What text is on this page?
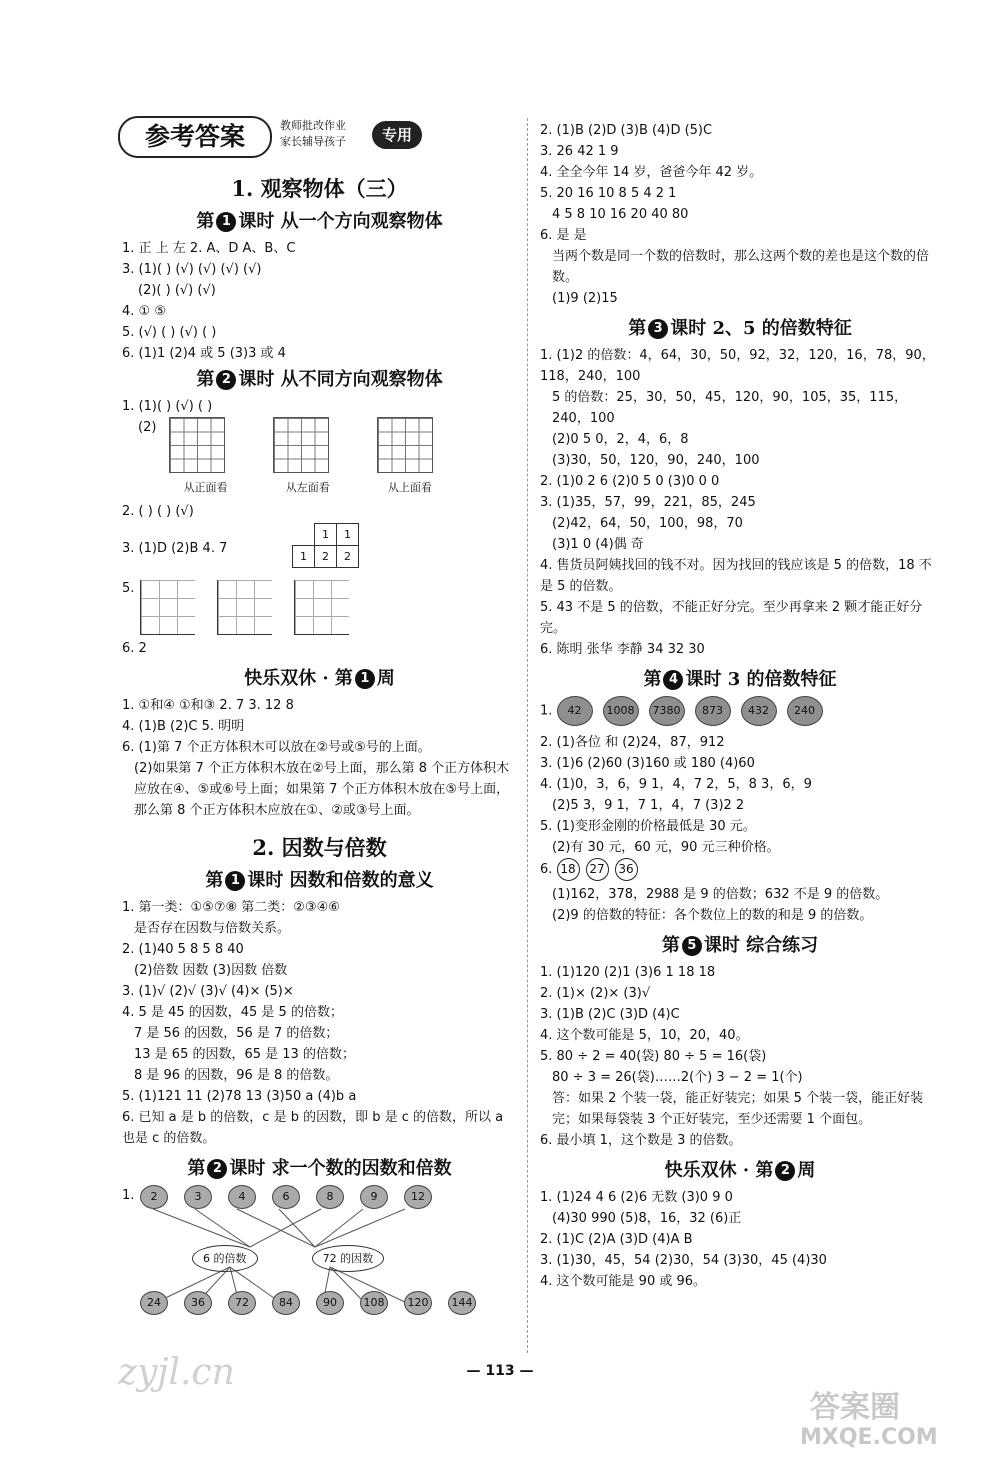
参考答案	教师批改作业
家长辅导孩子	专用
1. 观察物体（三）
第 1 课时 从一个方向观察物体
1. 正 上 左 2. A、D A、B、C
3. (1)( ) (√) (√) (√) (√)
(2)( ) (√) (√)
4. ① ⑤
5. (√) ( ) (√) ( )
6. (1)1 (2)4 或 5 (3)3 或 4
第 2 课时 从不同方向观察物体
1. (1)( ) (√) ( )
(2)
从正面看	从左面看	从上面看
2. ( ) ( ) (√)
3. (1)D (2)B 4. 7
1 1
1 2 2
5.
6. 2
快乐双休 · 第 1 周
1. ①和④ ①和③ 2. 7 3. 12 8
4. (1)B (2)C 5. 明明
6. (1)第 7 个正方体积木可以放在②号或⑤号的上面。
(2)如果第 7 个正方体积木放在②号上面，那么第 8 个正方体积木应放在④、⑤或⑥号上面；如果第 7 个正方体积木放在⑤号上面，那么第 8 个正方体积木应放在①、②或③号上面。
2. 因数与倍数
第 1 课时 因数和倍数的意义
1. 第一类：①⑤⑦⑧ 第二类：②③④⑥
是否存在因数与倍数关系。
2. (1)40 5 8 5 8 40
(2)倍数 因数 (3)因数 倍数
3. (1)√ (2)√ (3)√ (4)× (5)×
4. 5 是 45 的因数，45 是 5 的倍数；
7 是 56 的因数，56 是 7 的倍数；
13 是 65 的因数，65 是 13 的倍数；
8 是 96 的因数，96 是 8 的倍数。
5. (1)121 11 (2)78 13 (3)50 a (4)b a
6. 已知 a 是 b 的倍数，c 是 b 的因数，即 b 是 c 的倍数，所以 a 也是 c 的倍数。
第 2 课时 求一个数的因数和倍数
1.	2	3	4	6	8	9	12
6 的倍数	72 的因数
24	36	72	84	90 108 120 144
2. (1)B (2)D (3)B (4)D (5)C
3. 26 42 1 9
4. 全全今年 14 岁，爸爸今年 42 岁。
5. 20 16 10 8 5 4 2 1
4 5 8 10 16 20 40 80
6. 是 是
当两个数是同一个数的倍数时，那么这两个数的差也是这个数的倍数。
(1)9 (2)15
第 3 课时 2、5 的倍数特征
1. (1)2 的倍数：4，64，30，50，92，32，120，16，78，90，118，240，100
5 的倍数：25，30，50，45，120，90，105，35，115，240，100
(2)0 5 0，2，4，6，8
(3)30，50，120，90，240，100
2. (1)0 2 6 (2)0 5 0 (3)0 0 0
3. (1)35，57，99，221，85，245
(2)42，64，50，100，98，70
(3)1 0 (4)偶 奇
4. 售货员阿姨找回的钱不对。因为找回的钱应该是 5 的倍数，18 不是 5 的倍数。
5. 43 不是 5 的倍数，不能正好分完。至少再拿来 2 颗才能正好分完。
6. 陈明 张华 李静 34 32 30
第 4 课时 3 的倍数特征
1. 42 1008 7380 873 432 240
2. (1)各位 和 (2)24，87，912
3. (1)6 (2)60 (3)160 或 180 (4)60
4. (1)0，3，6，9 1，4，7 2，5，8 3，6，9
(2)5 3，9 1，7 1，4，7 (3)2 2
5. (1)变形金刚的价格最低是 30 元。
(2)有 30 元，60 元，90 元三种价格。
6. 18 27 36
(1)162，378，2988 是 9 的倍数；632 不是 9 的倍数。
(2)9 的倍数的特征：各个数位上的数的和是 9 的倍数。
第 5 课时 综合练习
1. (1)120 (2)1 (3)6 1 18 18
2. (1)× (2)× (3)√
3. (1)B (2)C (3)D (4)C
4. 这个数可能是 5，10，20，40。
5. 80 ÷ 2 = 40(袋) 80 ÷ 5 = 16(袋)
80 ÷ 3 = 26(袋)……2(个) 3 − 2 = 1(个)
答：如果 2 个装一袋，能正好装完；如果 5 个装一袋，能正好装完；如果每袋装 3 个正好装完，至少还需要 1 个面包。
6. 最小填 1，这个数是 3 的倍数。
快乐双休 · 第 2 周
1. (1)24 4 6 (2)6 无数 (3)0 9 0
(4)30 990 (5)8，16，32 (6)正
2. (1)C (2)A (3)D (4)A B
3. (1)30，45，54 (2)30，54 (3)30，45 (4)30
4. 这个数可能是 90 或 96。
— 113 —
zyjl.cn
答案圈
MXQE.COM
